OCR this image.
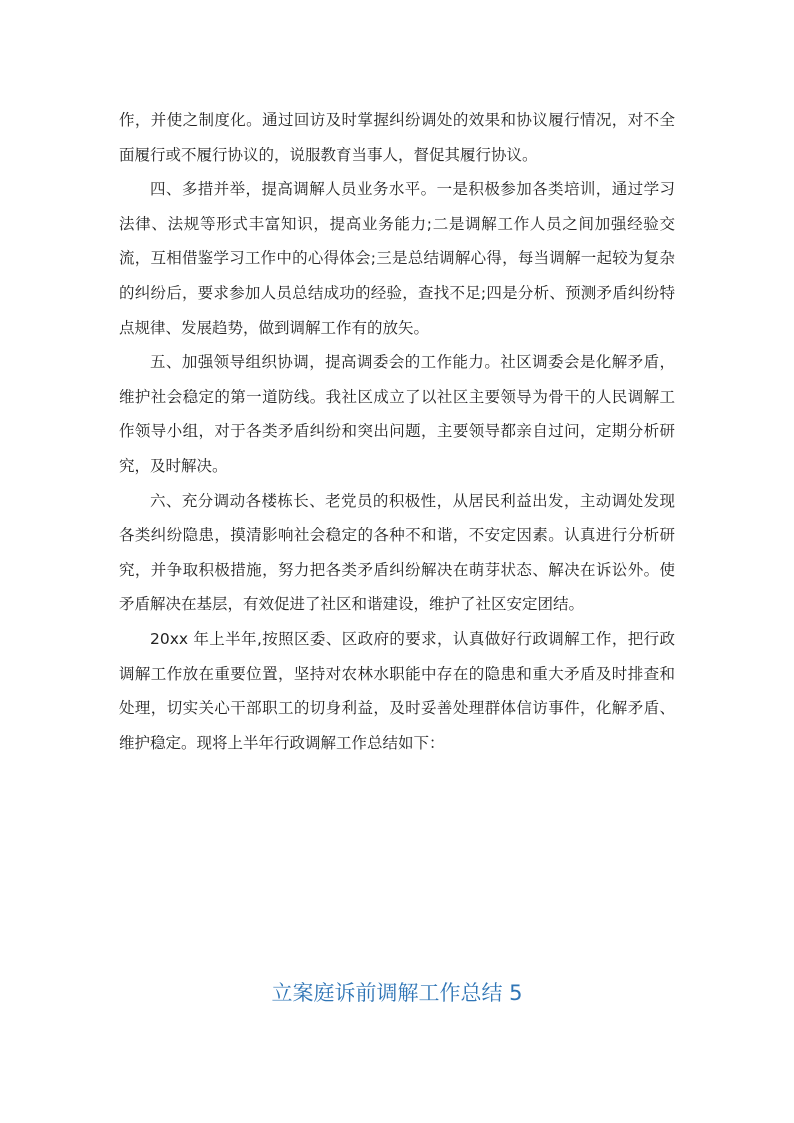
作，并使之制度化。通过回访及时掌握纠纷调处的效果和协议履行情况，对不全面履行或不履行协议的，说服教育当事人，督促其履行协议。

四、多措并举，提高调解人员业务水平。一是积极参加各类培训，通过学习法律、法规等形式丰富知识，提高业务能力;二是调解工作人员之间加强经验交流，互相借鉴学习工作中的心得体会;三是总结调解心得，每当调解一起较为复杂的纠纷后，要求参加人员总结成功的经验，查找不足;四是分析、预测矛盾纠纷特点规律、发展趋势，做到调解工作有的放矢。

五、加强领导组织协调，提高调委会的工作能力。社区调委会是化解矛盾，维护社会稳定的第一道防线。我社区成立了以社区主要领导为骨干的人民调解工作领导小组，对于各类矛盾纠纷和突出问题，主要领导都亲自过问，定期分析研究，及时解决。

六、充分调动各楼栋长、老党员的积极性，从居民利益出发，主动调处发现各类纠纷隐患，摸清影响社会稳定的各种不和谐，不安定因素。认真进行分析研究，并争取积极措施，努力把各类矛盾纠纷解决在萌芽状态、解决在诉讼外。使矛盾解决在基层，有效促进了社区和谐建设，维护了社区安定团结。

20xx 年上半年,按照区委、区政府的要求，认真做好行政调解工作，把行政调解工作放在重要位置，坚持对农林水职能中存在的隐患和重大矛盾及时排查和处理，切实关心干部职工的切身利益，及时妥善处理群体信访事件，化解矛盾、维护稳定。现将上半年行政调解工作总结如下：

立案庭诉前调解工作总结 5
